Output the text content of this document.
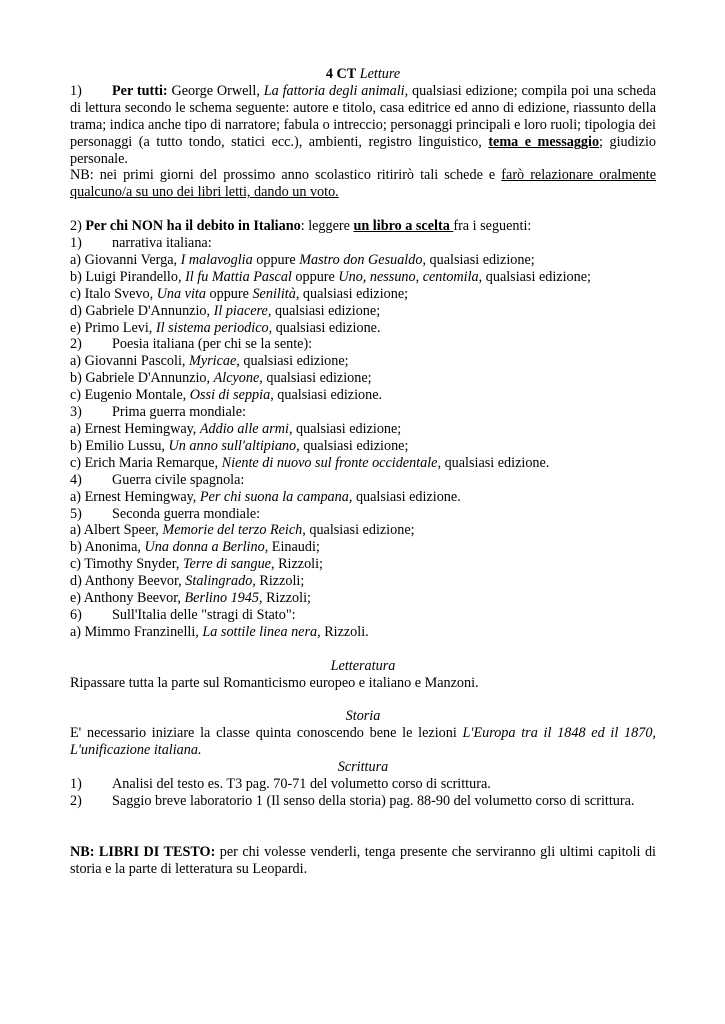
4 CT Letture
1) Per tutti: George Orwell, La fattoria degli animali, qualsiasi edizione; compila poi una scheda di lettura secondo le schema seguente: autore e titolo, casa editrice ed anno di edizione, riassunto della trama; indica anche tipo di narratore; fabula o intreccio; personaggi principali e loro ruoli; tipologia dei personaggi (a tutto tondo, statici ecc.), ambienti, registro linguistico, tema e messaggio; giudizio personale.
NB: nei primi giorni del prossimo anno scolastico ritirirò tali schede e farò relazionare oralmente qualcuno/a su uno dei libri letti, dando un voto.
2) Per chi NON ha il debito in Italiano: leggere un libro a scelta fra i seguenti:
1) narrativa italiana:
a) Giovanni Verga, I malavoglia oppure Mastro don Gesualdo, qualsiasi edizione;
b) Luigi Pirandello, Il fu Mattia Pascal oppure Uno, nessuno, centomila, qualsiasi edizione;
c) Italo Svevo, Una vita oppure Senilità, qualsiasi edizione;
d) Gabriele D'Annunzio, Il piacere, qualsiasi edizione;
e) Primo Levi, Il sistema periodico, qualsiasi edizione.
2) Poesia italiana (per chi se la sente):
a) Giovanni Pascoli, Myricae, qualsiasi edizione;
b) Gabriele D'Annunzio, Alcyone, qualsiasi edizione;
c) Eugenio Montale, Ossi di seppia, qualsiasi edizione.
3) Prima guerra mondiale:
a) Ernest Hemingway, Addio alle armi, qualsiasi edizione;
b) Emilio Lussu, Un anno sull'altipiano, qualsiasi edizione;
c) Erich Maria Remarque, Niente di nuovo sul fronte occidentale, qualsiasi edizione.
4) Guerra civile spagnola:
a) Ernest Hemingway, Per chi suona la campana, qualsiasi edizione.
5) Seconda guerra mondiale:
a) Albert Speer, Memorie del terzo Reich, qualsiasi edizione;
b) Anonima, Una donna a Berlino, Einaudi;
c) Timothy Snyder, Terre di sangue, Rizzoli;
d) Anthony Beevor, Stalingrado, Rizzoli;
e) Anthony Beevor, Berlino 1945, Rizzoli;
6) Sull'Italia delle "stragi di Stato":
a) Mimmo Franzinelli, La sottile linea nera, Rizzoli.
Letteratura
Ripassare tutta la parte sul Romanticismo europeo e italiano e Manzoni.
Storia
E' necessario iniziare la classe quinta conoscendo bene le lezioni L'Europa tra il 1848 ed il 1870, L'unificazione italiana.
Scrittura
1) Analisi del testo es. T3 pag. 70-71 del volumetto corso di scrittura.
2) Saggio breve laboratorio 1 (Il senso della storia) pag. 88-90 del volumetto corso di scrittura.
NB: LIBRI DI TESTO: per chi volesse venderli, tenga presente che serviranno gli ultimi capitoli di storia e la parte di letteratura su Leopardi.
